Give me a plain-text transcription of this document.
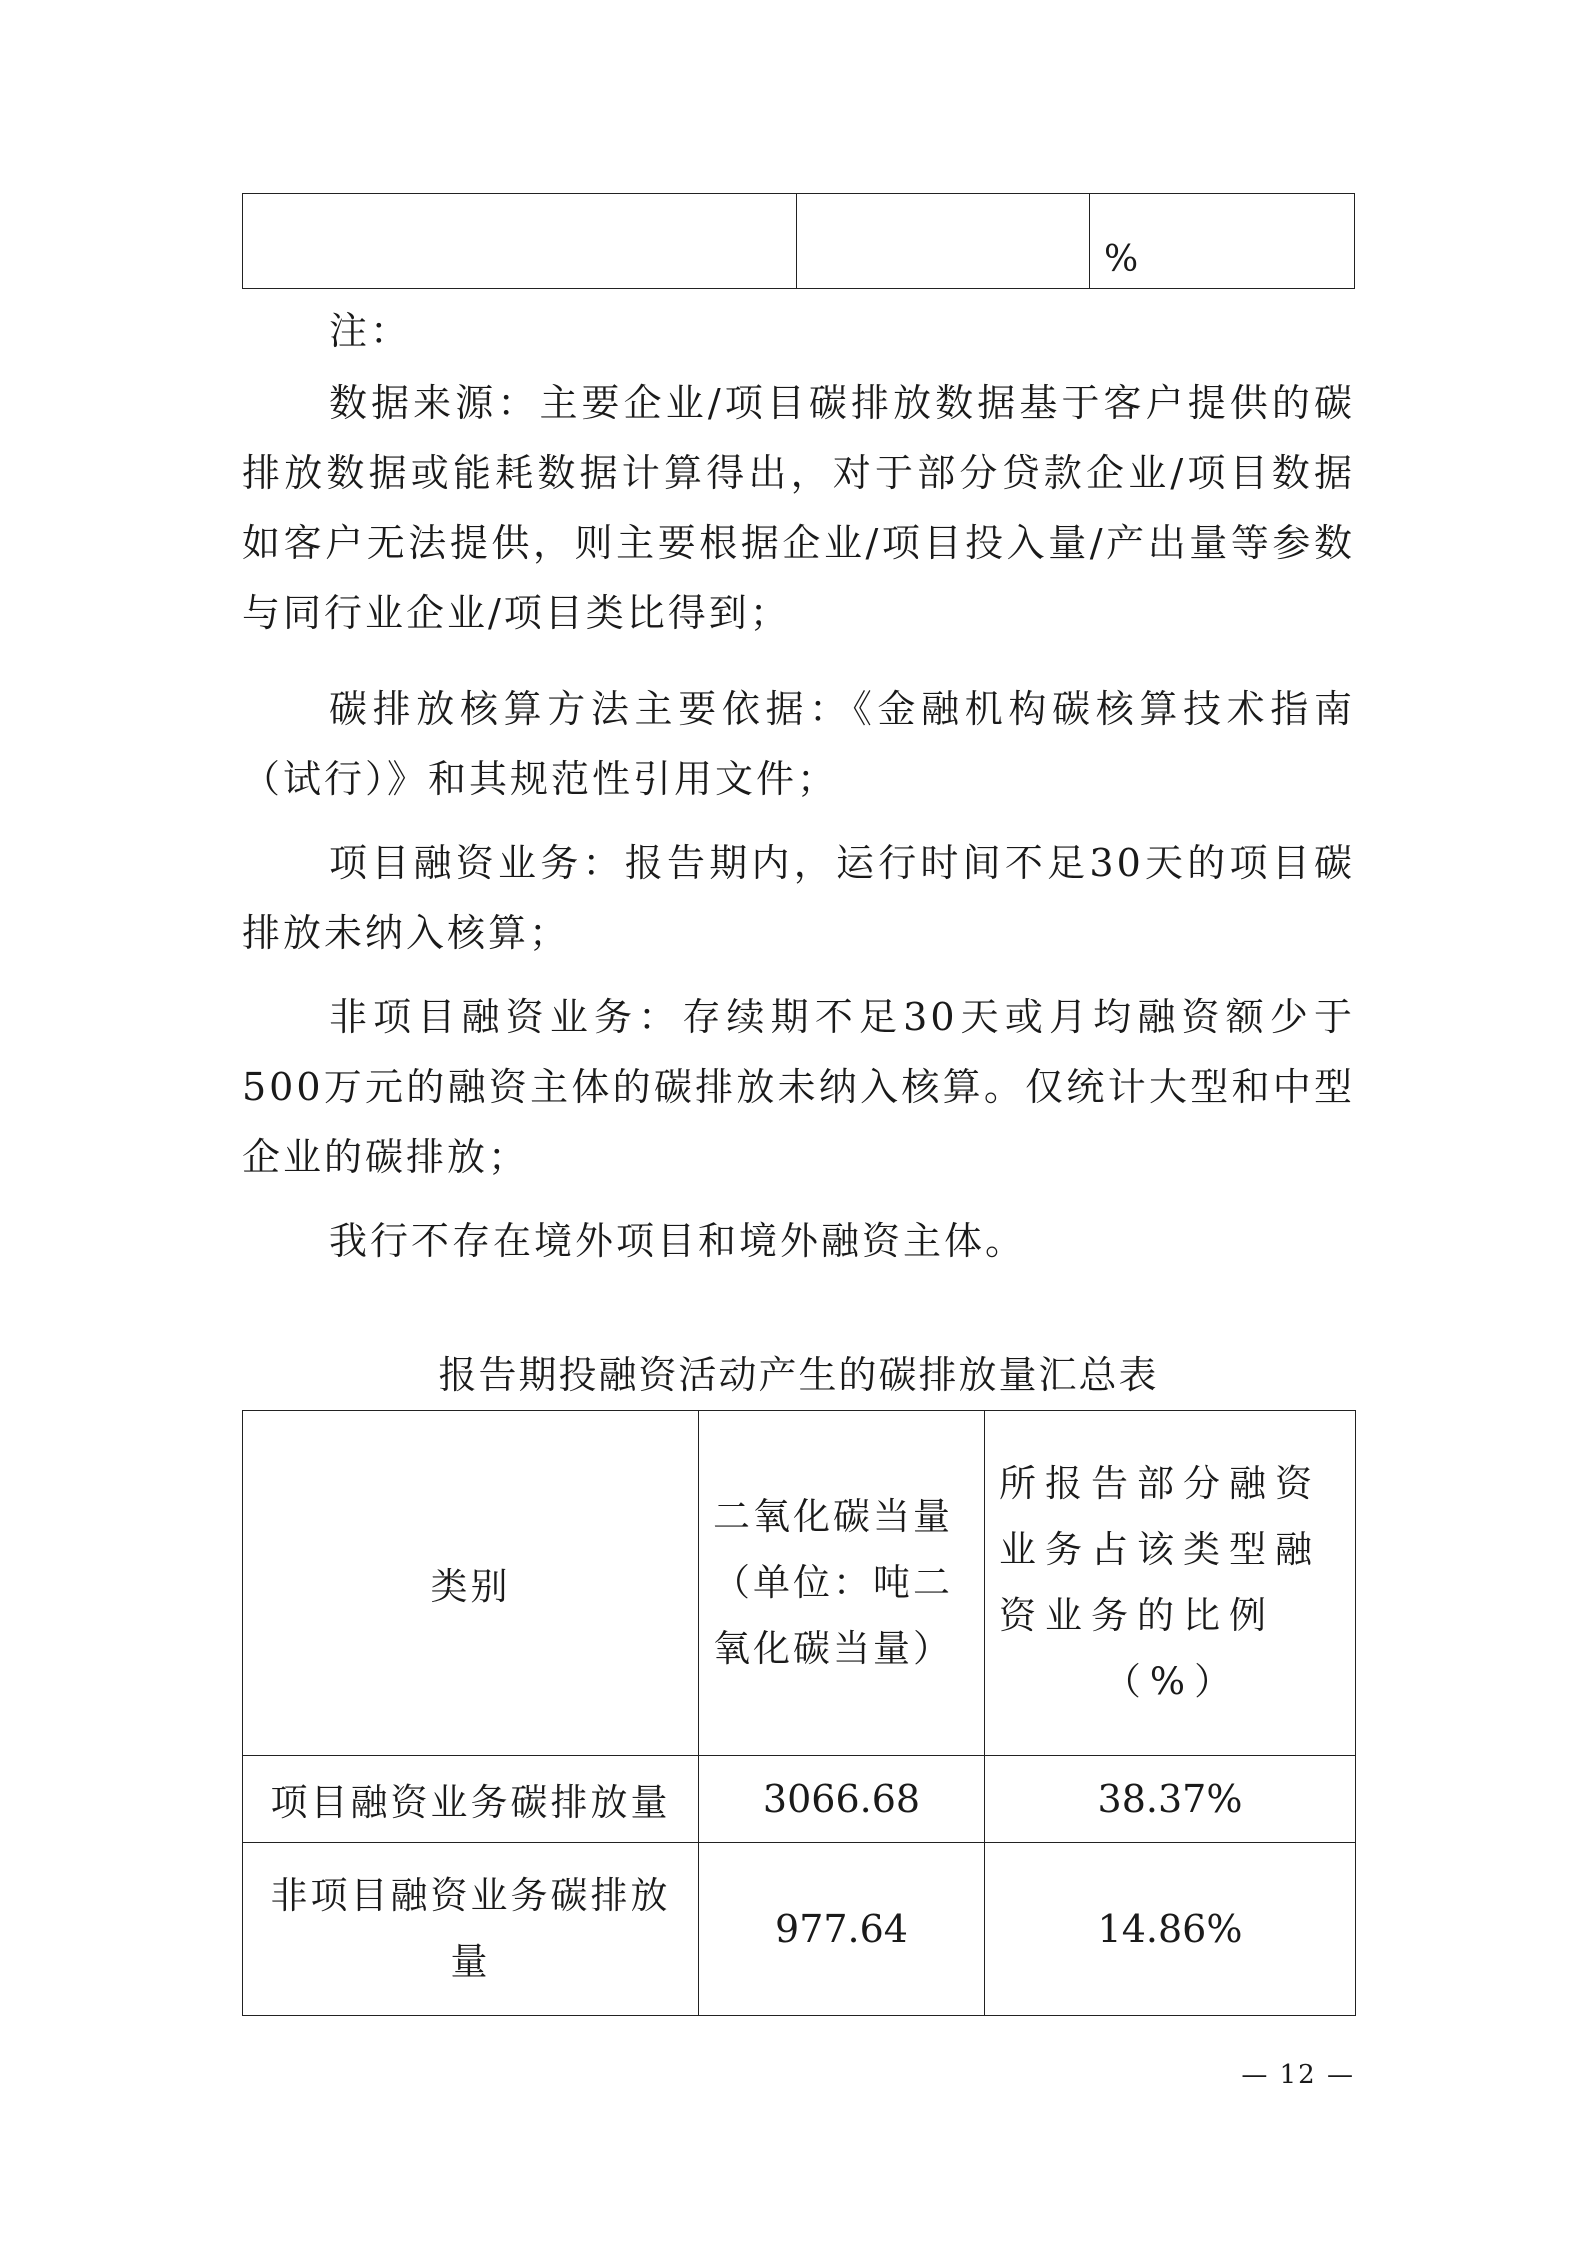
		%
注：

数据来源：主要企业/项目碳排放数据基于客户提供的碳排放数据或能耗数据计算得出，对于部分贷款企业/项目数据如客户无法提供，则主要根据企业/项目投入量/产出量等参数与同行业企业/项目类比得到；

碳排放核算方法主要依据：《金融机构碳核算技术指南（试行）》和其规范性引用文件；

项目融资业务：报告期内，运行时间不足30天的项目碳排放未纳入核算；

非项目融资业务：存续期不足30天或月均融资额少于500万元的融资主体的碳排放未纳入核算。仅统计大型和中型企业的碳排放；

我行不存在境外项目和境外融资主体。

报告期投融资活动产生的碳排放量汇总表
类别	二氧化碳当量（单位：吨二氧化碳当量）	所报告部分融资业务占该类型融资业务的比例
（%）

项目融资业务碳排放量	3066.68	38.37%
非项目融资业务碳排放量	977.64	14.86%
— 12 —
